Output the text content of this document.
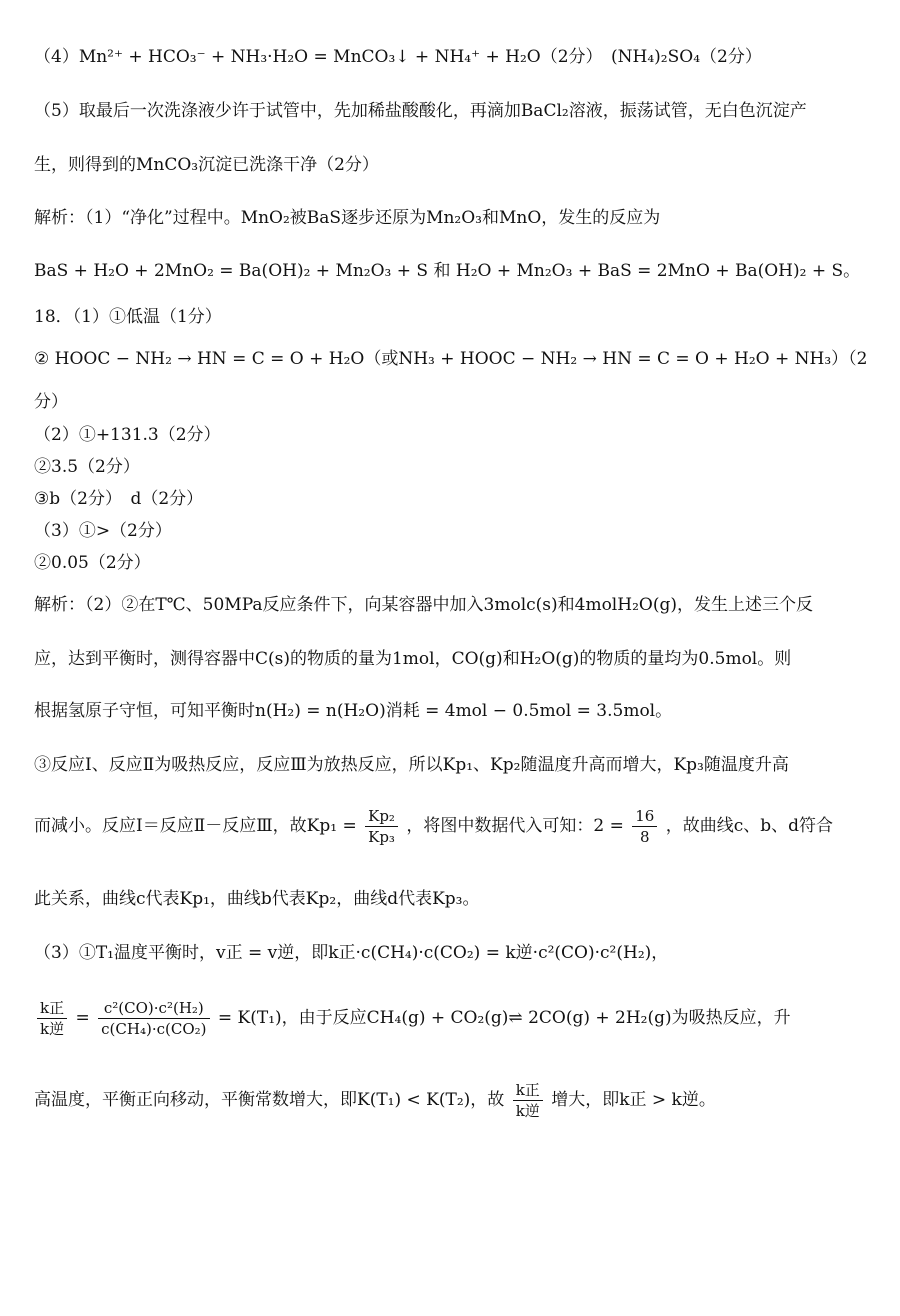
（4）Mn²⁺ + HCO₃⁻ + NH₃·H₂O = MnCO₃↓ + NH₄⁺ + H₂O（2分）　(NH₄)₂SO₄（2分）
（5）取最后一次洗涤液少许于试管中，先加稀盐酸酸化，再滴加BaCl₂溶液，振荡试管，无白色沉淀产
生，则得到的MnCO₃沉淀已洗涤干净（2分）
解析：（1）“净化”过程中。MnO₂被BaS逐步还原为Mn₂O₃和MnO，发生的反应为
BaS + H₂O + 2MnO₂ = Ba(OH)₂ + Mn₂O₃ + S 和 H₂O + Mn₂O₃ + BaS = 2MnO + Ba(OH)₂ + S。
18．（1）①低温（1分）
② HOOC − NH₂ → HN = C = O + H₂O（或NH₃ + HOOC − NH₂ → HN = C = O + H₂O + NH₃）（2
分）
（2）①+131.3（2分）
②3.5（2分）
③b（2分）　d（2分）
（3）①>（2分）
②0.05（2分）
解析：（2）②在T℃、50MPa反应条件下，向某容器中加入3molc(s)和4molH₂O(g)，发生上述三个反
应，达到平衡时，测得容器中C(s)的物质的量为1mol，CO(g)和H₂O(g)的物质的量均为0.5mol。则
根据氢原子守恒，可知平衡时n(H₂) = n(H₂O)消耗 = 4mol − 0.5mol = 3.5mol。
③反应Ⅰ、反应Ⅱ为吸热反应，反应Ⅲ为放热反应，所以Kp₁、Kp₂随温度升高而增大，Kp₃随温度升高
而减小。反应Ⅰ＝反应Ⅱ－反应Ⅲ，故$Kp_1 = \frac{\text{Kp₂}}{\text{Kp₃}}$ ，将图中数据代入可知：$2 = \frac{16}{8}$ ，故曲线c、b、d符合
此关系，曲线c代表Kp₁，曲线b代表Kp₂，曲线d代表Kp₃。
（3）①T₁温度平衡时，v正 = v逆，即k正·c(CH₄)·c(CO₂) = k逆·c²(CO)·c²(H₂)，
$\frac{\text{k正}}{\text{k逆}} = \frac{\text{c²(CO)·c²(H₂)}}{\text{c(CH₄)·c(CO₂)}} = K(T_1)$，由于反应CH₄(g) + CO₂(g)⇌ 2CO(g) + 2H₂(g)为吸热反应，升
高温度，平衡正向移动，平衡常数增大，即K(T₁) < K(T₂)，故 $\frac{\text{k正}}{\text{k逆}}$ 增大，即k正 > k逆。
